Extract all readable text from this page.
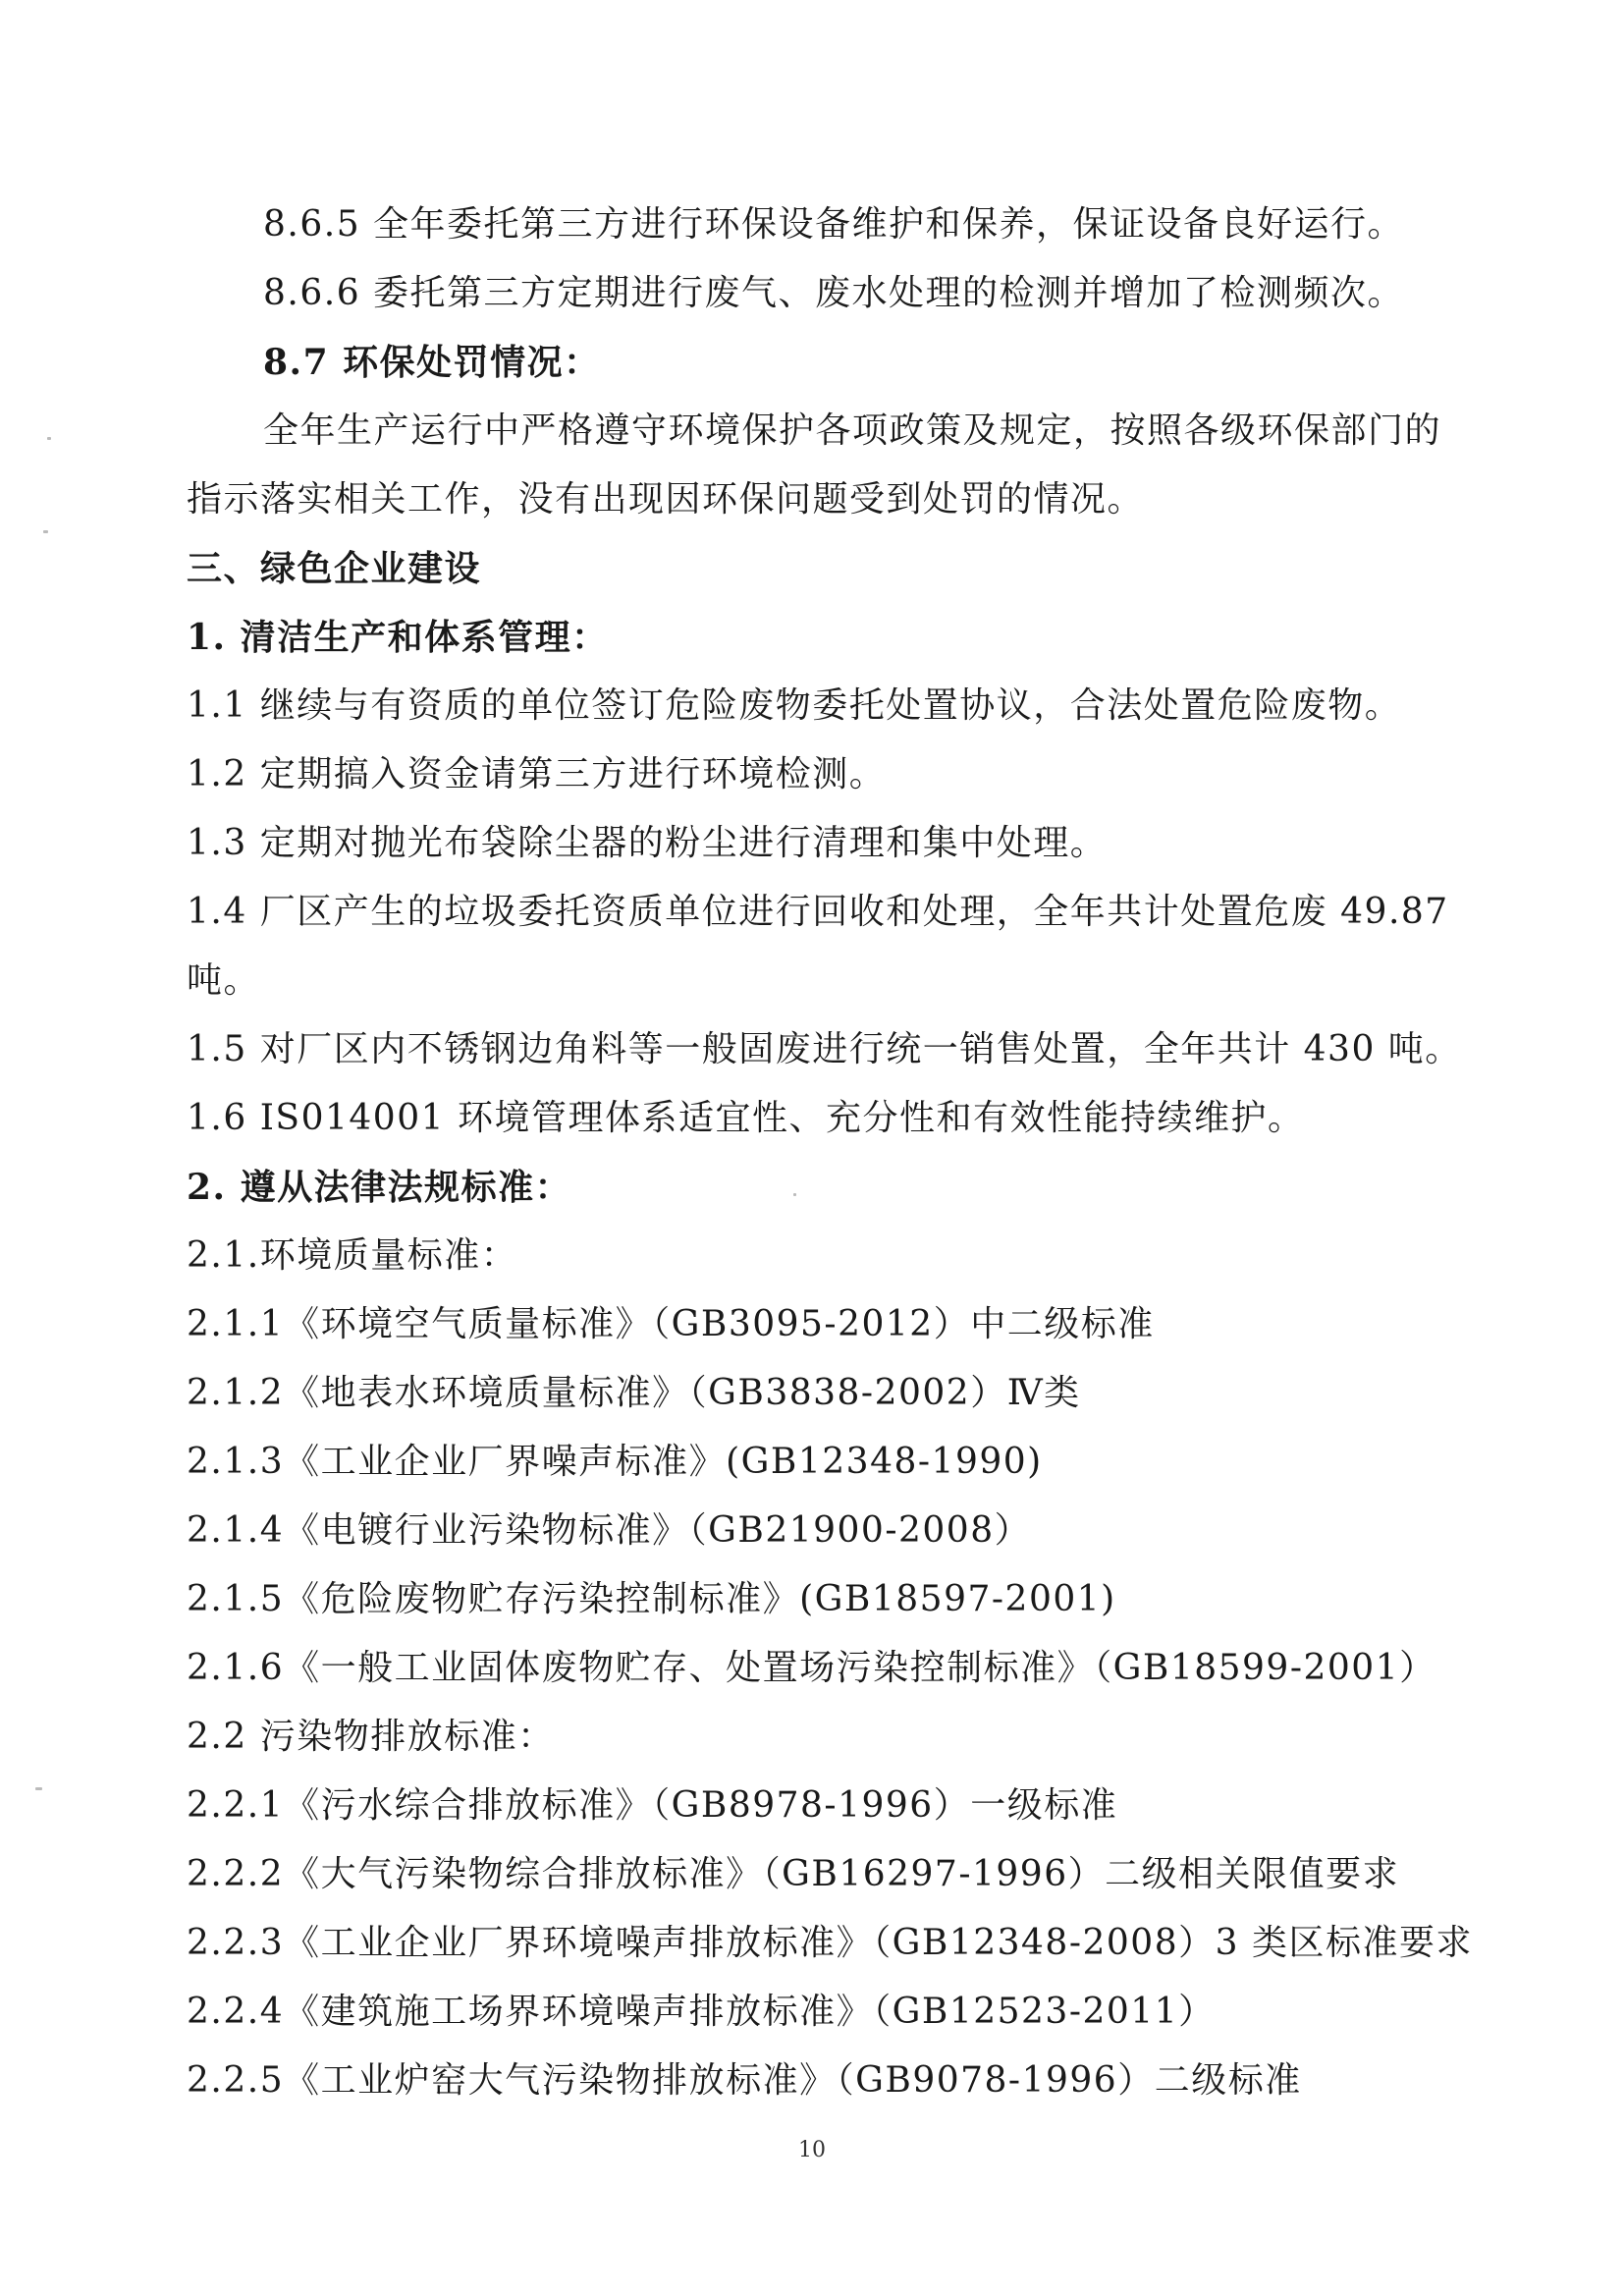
8.6.5 全年委托第三方进行环保设备维护和保养，保证设备良好运行。
8.6.6 委托第三方定期进行废气、废水处理的检测并增加了检测频次。
8.7 环保处罚情况：
全年生产运行中严格遵守环境保护各项政策及规定，按照各级环保部门的
指示落实相关工作，没有出现因环保问题受到处罚的情况。
三、绿色企业建设
1. 清洁生产和体系管理：
1.1 继续与有资质的单位签订危险废物委托处置协议，合法处置危险废物。
1.2 定期搞入资金请第三方进行环境检测。
1.3 定期对抛光布袋除尘器的粉尘进行清理和集中处理。
1.4 厂区产生的垃圾委托资质单位进行回收和处理，全年共计处置危废 49.87
吨。
1.5 对厂区内不锈钢边角料等一般固废进行统一销售处置，全年共计 430 吨。
1.6 IS014001 环境管理体系适宜性、充分性和有效性能持续维护。
2. 遵从法律法规标准：
2.1.环境质量标准：
2.1.1《环境空气质量标准》（GB3095-2012）中二级标准
2.1.2《地表水环境质量标准》（GB3838-2002）Ⅳ类
2.1.3《工业企业厂界噪声标准》(GB12348-1990)
2.1.4《电镀行业污染物标准》（GB21900-2008）
2.1.5《危险废物贮存污染控制标准》(GB18597-2001)
2.1.6《一般工业固体废物贮存、处置场污染控制标准》（GB18599-2001）
2.2 污染物排放标准：
2.2.1《污水综合排放标准》（GB8978-1996）一级标准
2.2.2《大气污染物综合排放标准》（GB16297-1996）二级相关限值要求
2.2.3《工业企业厂界环境噪声排放标准》（GB12348-2008）3 类区标准要求
2.2.4《建筑施工场界环境噪声排放标准》（GB12523-2011）
2.2.5《工业炉窑大气污染物排放标准》（GB9078-1996）二级标准
10
